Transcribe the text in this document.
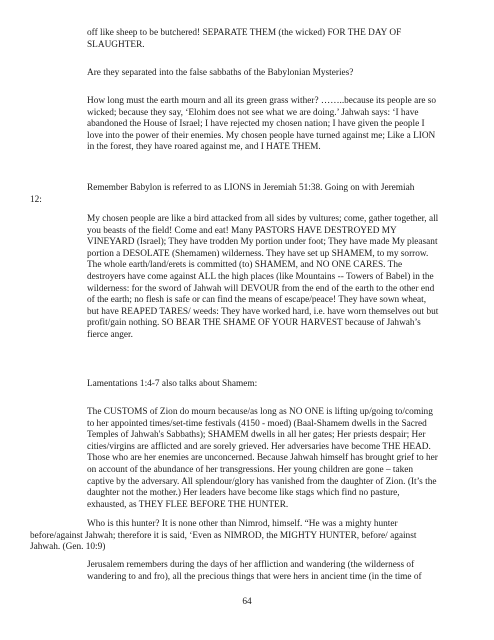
off like sheep to be butchered! SEPARATE THEM (the wicked) FOR THE DAY OF SLAUGHTER.

Are they separated into the false sabbaths of the Babylonian Mysteries?

How long must the earth mourn and all its green grass wither? ……..because its people are so wicked; because they say, ‘Elohim does not see what we are doing.’ Jahwah says: ‘I have abandoned the House of Israel; I have rejected my chosen nation; I have given the people I love into the power of their enemies. My chosen people have turned against me; Like a LION in the forest, they have roared against me, and I HATE THEM.

12:

Remember Babylon is referred to as LIONS in Jeremiah 51:38. Going on with Jeremiah

My chosen people are like a bird attacked from all sides by vultures; come, gather together, all you beasts of the field! Come and eat! Many PASTORS HAVE DESTROYED MY VINEYARD (Israel); They have trodden My portion under foot; They have made My pleasant portion a DESOLATE (Shemamen) wilderness. They have set up SHAMEM, to my sorrow. The whole earth/land/erets is committed (to) SHAMEM, and NO ONE CARES. The destroyers have come against ALL the high places (like Mountains -- Towers of Babel) in the wilderness: for the sword of Jahwah will DEVOUR from the end of the earth to the other end of the earth; no flesh is safe or can find the means of escape/peace! They have sown wheat, but have REAPED TARES/ weeds: They have worked hard, i.e. have worn themselves out but profit/gain nothing. SO BEAR THE SHAME OF YOUR HARVEST because of Jahwah’s fierce anger.

Lamentations 1:4-7 also talks about Shamem:

The CUSTOMS of Zion do mourn because/as long as NO ONE is lifting up/going to/coming to her appointed times/set-time festivals (4150 - moed) (Baal-Shamem dwells in the Sacred Temples of Jahwah's Sabbaths); SHAMEM dwells in all her gates; Her priests despair; Her cities/virgins are afflicted and are sorely grieved. Her adversaries have become THE HEAD. Those who are her enemies are unconcerned. Because Jahwah himself has brought grief to her on account of the abundance of her transgressions. Her young children are gone – taken captive by the adversary. All splendour/glory has vanished from the daughter of Zion. (It’s the daughter not the mother.) Her leaders have become like stags which find no pasture, exhausted, as THEY FLEE BEFORE THE HUNTER.

Who is this hunter? It is none other than Nimrod, himself. “He was a mighty hunter before/against Jahwah; therefore it is said, ‘Even as NIMROD, the MIGHTY HUNTER, before/ against Jahwah. (Gen. 10:9)

Jerusalem remembers during the days of her affliction and wandering (the wilderness of wandering to and fro), all the precious things that were hers in ancient time (in the time of

64
